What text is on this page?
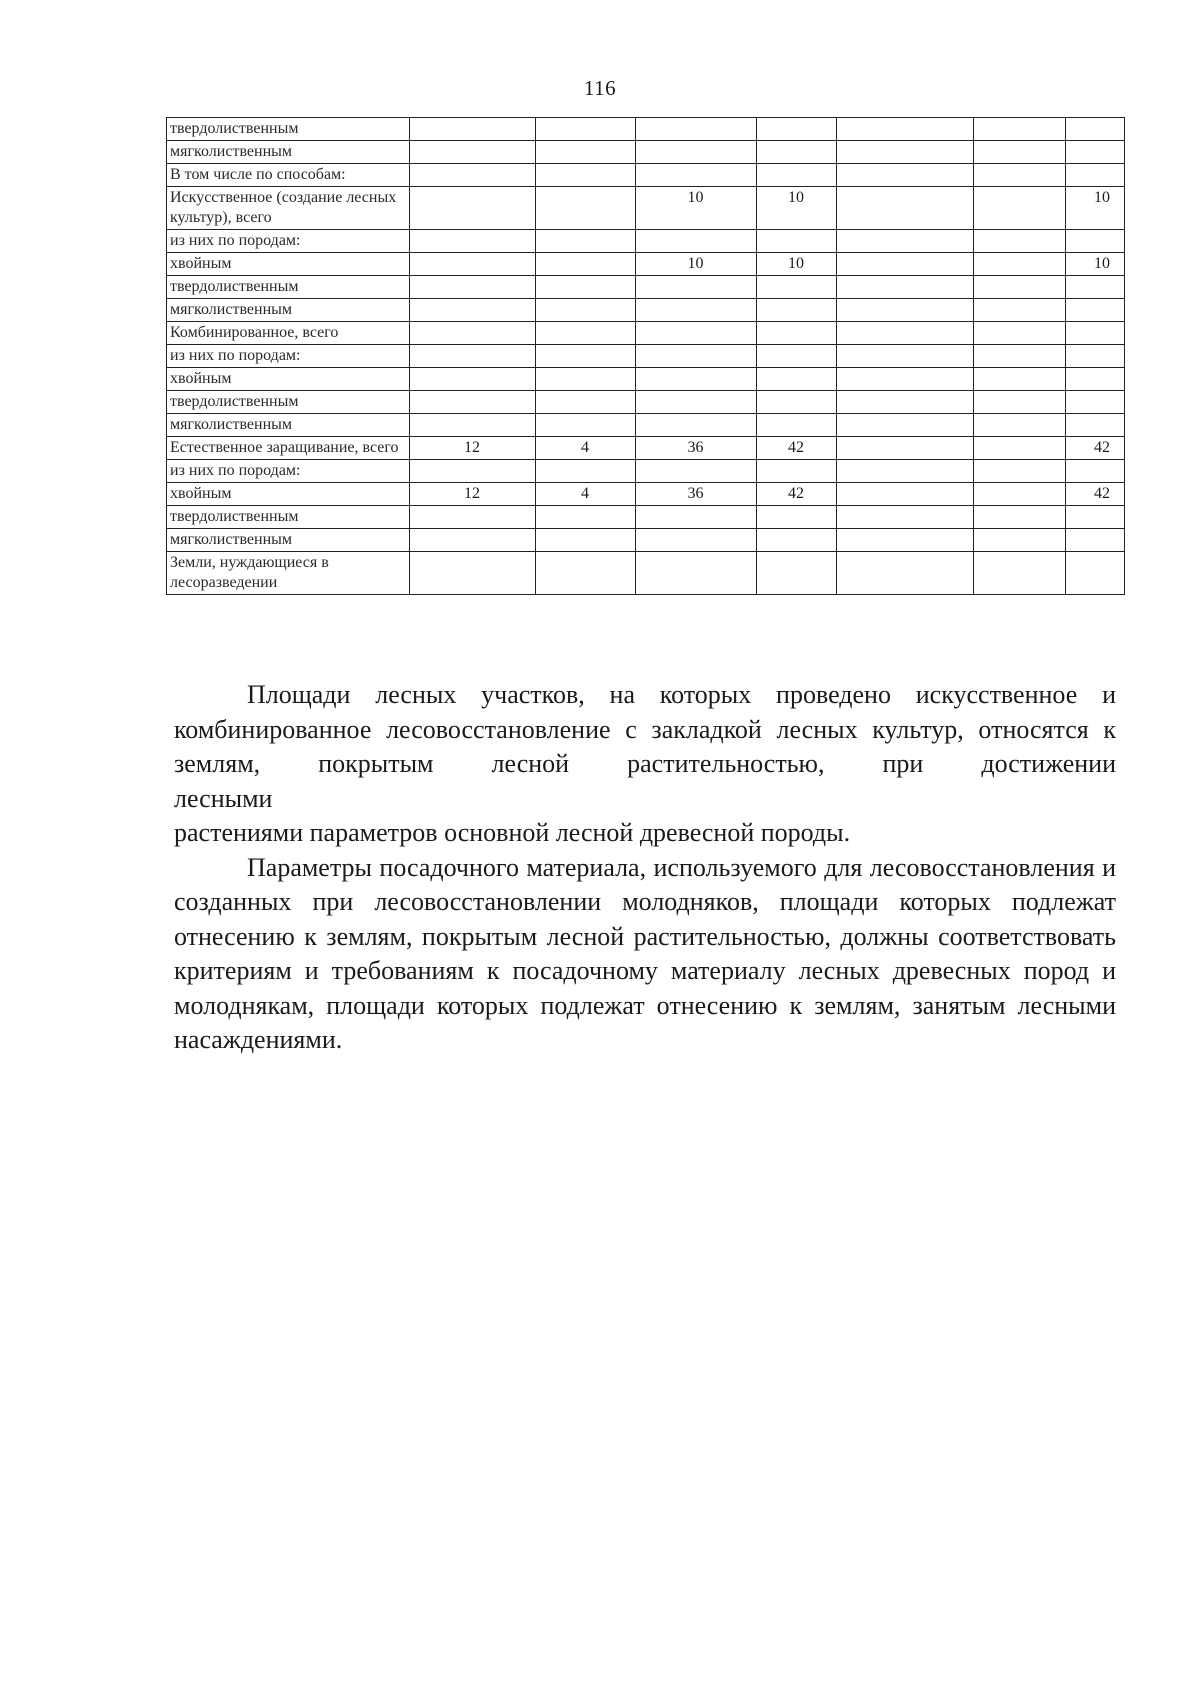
116
твердолиственным							
мягколиственным							
В том числе по способам:							
Искусственное (создание лесных культур), всего			10	10			10
из них по породам:							
хвойным			10	10			10
твердолиственным							
мягколиственным							
Комбинированное, всего							
из них по породам:							
хвойным							
твердолиственным							
мягколиственным							
Естественное заращивание, всего	12	4	36	42			42
из них по породам:							
хвойным	12	4	36	42			42
твердолиственным							
мягколиственным							
Земли, нуждающиеся в лесоразведении							

Площади лесных участков, на которых проведено искусственное и комбинированное лесовосстановление с закладкой лесных культур, относятся к землям, покрытым лесной растительностью, при достижении

лесными

растениями параметров основной лесной древесной породы.

Параметры посадочного материала, используемого для лесовосстановления и созданных при лесовосстановлении молодняков, площади которых подлежат отнесению к землям, покрытым лесной растительностью, должны соответствовать критериям и требованиям к посадочному материалу лесных древесных пород и молоднякам, площади которых подлежат отнесению к землям, занятым лесными насаждениями.
